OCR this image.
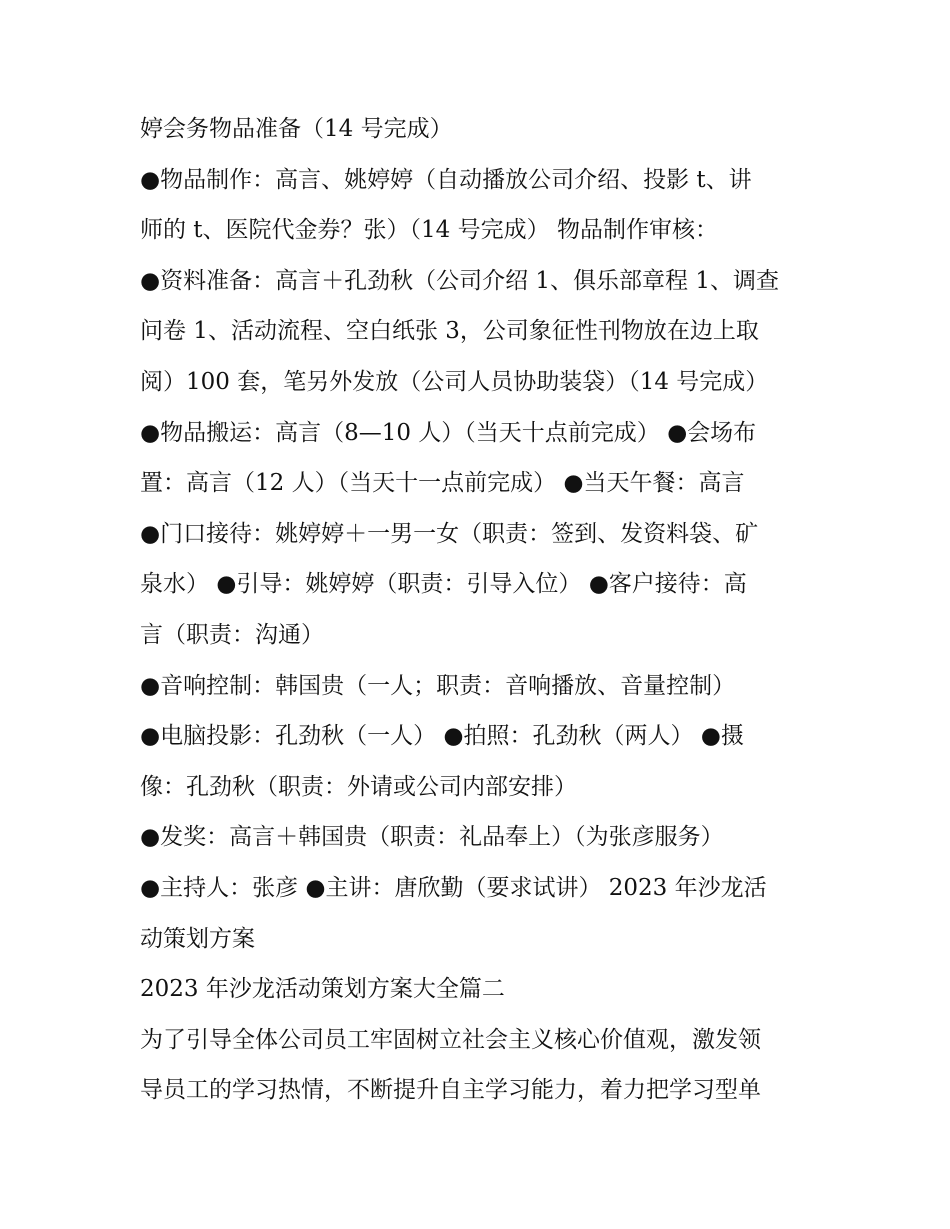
婷会务物品准备（14 号完成）
●物品制作：高言、姚婷婷（自动播放公司介绍、投影 t、讲
师的 t、医院代金券？张）（14 号完成） 物品制作审核：
●资料准备：高言＋孔劲秋（公司介绍 1、俱乐部章程 1、调查
问卷 1、活动流程、空白纸张 3，公司象征性刊物放在边上取
阅）100 套，笔另外发放（公司人员协助装袋）（14 号完成）
●物品搬运：高言（8—10 人）（当天十点前完成） ●会场布
置：高言（12 人）（当天十一点前完成） ●当天午餐：高言
●门口接待：姚婷婷＋一男一女（职责：签到、发资料袋、矿
泉水） ●引导：姚婷婷（职责：引导入位） ●客户接待：高
言（职责：沟通）
●音响控制：韩国贵（一人；职责：音响播放、音量控制）
●电脑投影：孔劲秋（一人） ●拍照：孔劲秋（两人） ●摄
像：孔劲秋（职责：外请或公司内部安排）
●发奖：高言＋韩国贵（职责：礼品奉上）（为张彦服务）
●主持人：张彦 ●主讲：唐欣勤（要求试讲） 2023 年沙龙活
动策划方案
2023 年沙龙活动策划方案大全篇二
为了引导全体公司员工牢固树立社会主义核心价值观，激发领
导员工的学习热情，不断提升自主学习能力，着力把学习型单
